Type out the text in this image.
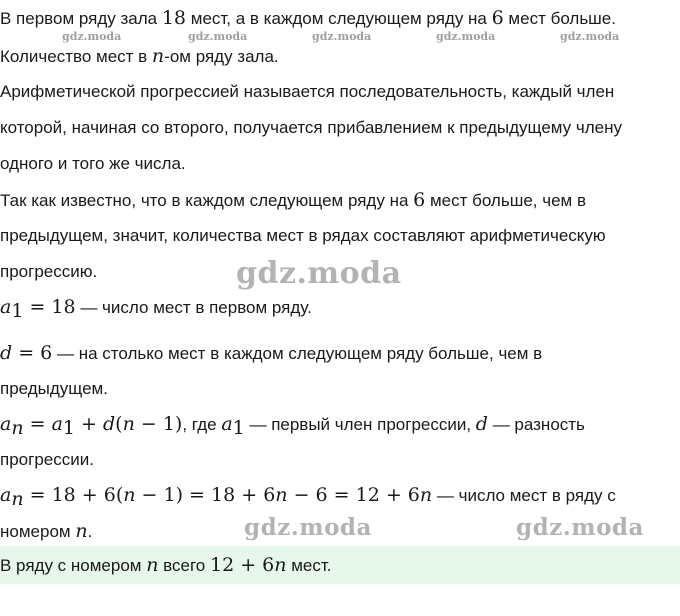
gdz.moda	gdz.moda	gdz.moda	gdz.moda	gdz.moda
В первом ряду зала 18 мест, а в каждом следующем ряду на 6 мест больше.
Количество мест в n-ом ряду зала.
Арифметической прогрессией называется последовательность, каждый член
которой, начиная со второго, получается прибавлением к предыдущему члену
одного и того же числа.
Так как известно, что в каждом следующем ряду на 6 мест больше, чем в
предыдущем, значит, количества мест в рядах составляют арифметическую
прогрессию.	gdz.moda
$a_1 = 18$ — число мест в первом ряду.
d = 6 — на столько мест в каждом следующем ряду больше, чем в
предыдущем.
$a_n = a_1 + d(n - 1)$, где $a_1$ — первый член прогрессии, d — разность
прогрессии.
$a_n = 18 + 6(n - 1) = 18 + 6n - 6 = 12 + 6n$ — число мест в ряду с
номером n.	gdz.moda	gdz.moda
В ряду с номером n всего 12 + 6n мест.
